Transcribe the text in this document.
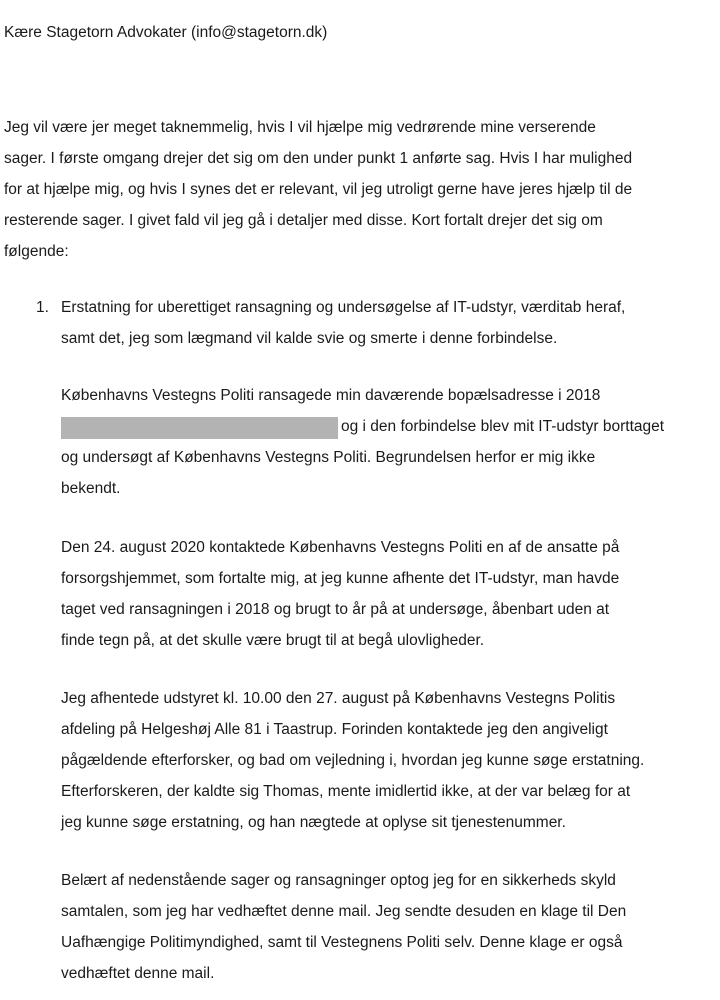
Kære Stagetorn Advokater (info@stagetorn.dk)
Jeg vil være jer meget taknemmelig, hvis I vil hjælpe mig vedrørende mine verserende
sager. I første omgang drejer det sig om den under punkt 1 anførte sag. Hvis I har mulighed
for at hjælpe mig, og hvis I synes det er relevant, vil jeg utroligt gerne have jeres hjælp til de
resterende sager. I givet fald vil jeg gå i detaljer med disse. Kort fortalt drejer det sig om
følgende:
1. Erstatning for uberettiget ransagning og undersøgelse af IT-udstyr, værditab heraf,
samt det, jeg som lægmand vil kalde svie og smerte i denne forbindelse.
Københavns Vestegns Politi ransagede min daværende bopælsadresse i 2018
og i den forbindelse blev mit IT-udstyr borttaget
og undersøgt af Københavns Vestegns Politi. Begrundelsen herfor er mig ikke
bekendt.
Den 24. august 2020 kontaktede Københavns Vestegns Politi en af de ansatte på
forsorgshjemmet, som fortalte mig, at jeg kunne afhente det IT-udstyr, man havde
taget ved ransagningen i 2018 og brugt to år på at undersøge, åbenbart uden at
finde tegn på, at det skulle være brugt til at begå ulovligheder.
Jeg afhentede udstyret kl. 10.00 den 27. august på Københavns Vestegns Politis
afdeling på Helgeshøj Alle 81 i Taastrup. Forinden kontaktede jeg den angiveligt
pågældende efterforsker, og bad om vejledning i, hvordan jeg kunne søge erstatning.
Efterforskeren, der kaldte sig Thomas, mente imidlertid ikke, at der var belæg for at
jeg kunne søge erstatning, og han nægtede at oplyse sit tjenestenummer.
Belært af nedenstående sager og ransagninger optog jeg for en sikkerheds skyld
samtalen, som jeg har vedhæftet denne mail. Jeg sendte desuden en klage til Den
Uafhængige Politimyndighed, samt til Vestegnens Politi selv. Denne klage er også
vedhæftet denne mail.
